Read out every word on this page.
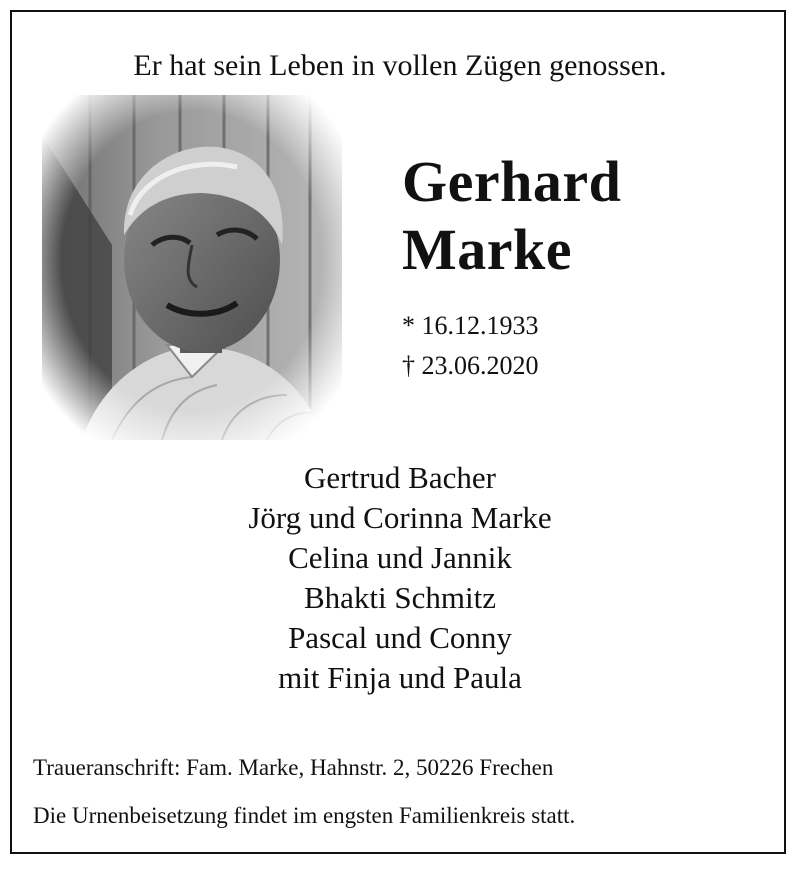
Er hat sein Leben in vollen Zügen genossen.
Gerhard
Marke
* 16.12.1933
† 23.06.2020
Gertrud Bacher
Jörg und Corinna Marke
Celina und Jannik
Bhakti Schmitz
Pascal und Conny
mit Finja und Paula
Traueranschrift: Fam. Marke, Hahnstr. 2, 50226 Frechen
Die Urnenbeisetzung findet im engsten Familienkreis statt.
